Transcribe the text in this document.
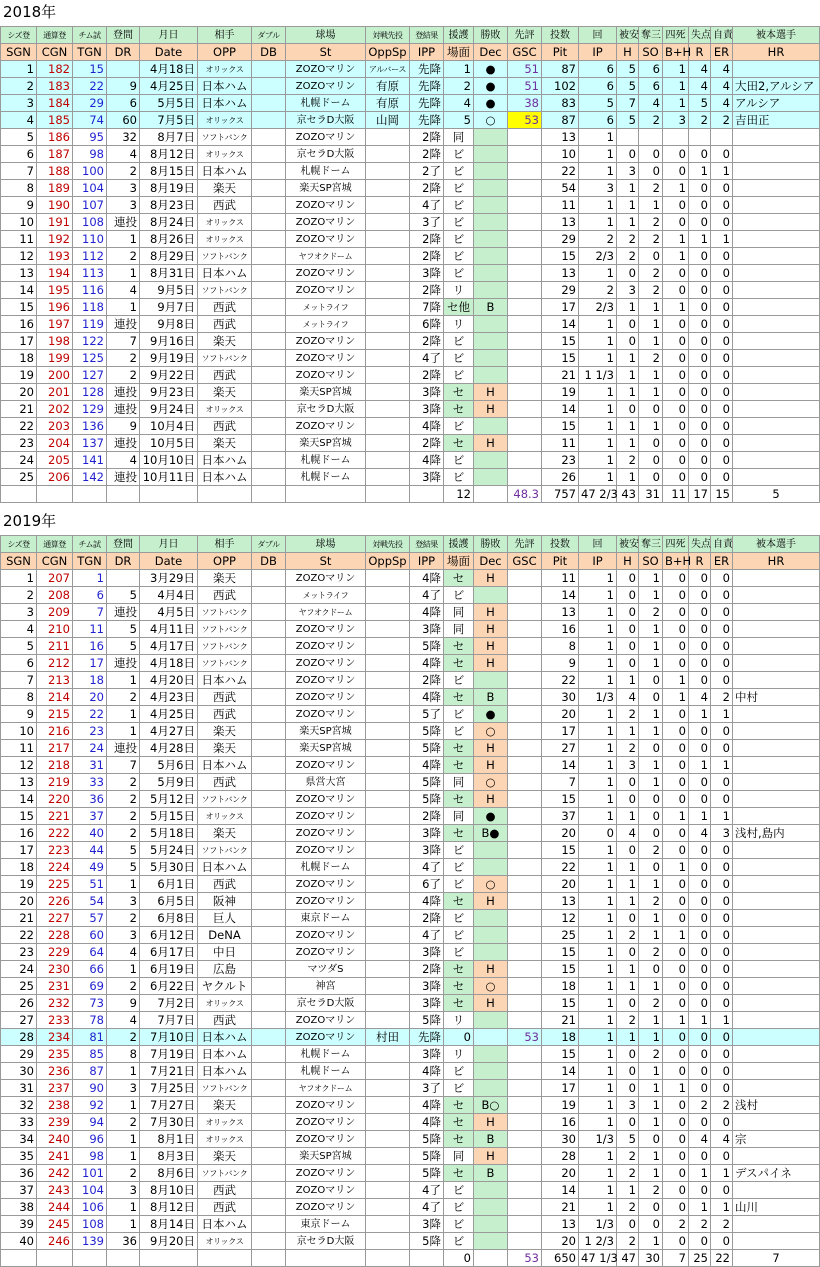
2018年
シズ登	通算登	チム試	登間	月日	相手	ダブル	球場	対戦先投	登結果	援護	勝敗	先評	投数	回	被安	奪三	四死	失点	自責	被本選手
SGN	CGN	TGN	DR	Date	OPP	DB	St	OppSp	IPP	場面	Dec	GSC	Pit	IP	H	SO	B+H	R	ER	HR
1	182	15		4月18日	オリックス		ZOZOマリン	アルバース	先降	1	●	51	87	6	5	6	1	4	4	
2	183	22	9	4月25日	日本ハム		ZOZOマリン	有原	先降	2	●	51	102	6	5	6	1	4	4	大田2,アルシア
3	184	29	6	5月5日	日本ハム		札幌ドーム	有原	先降	4	●	38	83	5	7	4	1	5	4	アルシア
4	185	74	60	7月5日	オリックス		京セラD大阪	山岡	先降	5	○	53	87	6	5	2	3	2	2	吉田正
5	186	95	32	8月7日	ソフトバンク		ZOZOマリン		2降	同			13	1						
6	187	98	4	8月12日	オリックス		京セラD大阪		2降	ビ			10	1	0	0	0	0	0	
7	188	100	2	8月15日	日本ハム		札幌ドーム		2了	ビ			22	1	3	0	0	1	1	
8	189	104	3	8月19日	楽天		楽天SP宮城		2降	ビ			54	3	1	2	1	0	0	
9	190	107	3	8月23日	西武		ZOZOマリン		4了	ビ			11	1	1	1	0	0	0	
10	191	108	連投	8月24日	オリックス		ZOZOマリン		3了	ビ			13	1	1	2	0	0	0	
11	192	110	1	8月26日	オリックス		ZOZOマリン		2降	ビ			29	2	2	2	1	1	1	
12	193	112	2	8月29日	ソフトバンク		ヤフオクドーム		2降	ビ			15	2/3	2	0	1	0	0	
13	194	113	1	8月31日	日本ハム		ZOZOマリン		3降	ビ			13	1	0	2	0	0	0	
14	195	116	4	9月5日	ソフトバンク		ZOZOマリン		2降	リ			29	2	3	2	0	0	0	
15	196	118	1	9月7日	西武		メットライフ		7降	セ他	B		17	2/3	1	1	1	0	0	
16	197	119	連投	9月8日	西武		メットライフ		6降	リ			14	1	0	1	0	0	0	
17	198	122	7	9月16日	楽天		ZOZOマリン		2降	ビ			15	1	0	1	0	0	0	
18	199	125	2	9月19日	ソフトバンク		ZOZOマリン		4了	ビ			15	1	1	2	0	0	0	
19	200	127	2	9月22日	西武		ZOZOマリン		2降	ビ			21	1 1/3	1	1	0	0	0	
20	201	128	連投	9月23日	楽天		楽天SP宮城		3降	セ	H		19	1	1	1	0	0	0	
21	202	129	連投	9月24日	オリックス		京セラD大阪		3降	セ	H		14	1	0	0	0	0	0	
22	203	136	9	10月4日	西武		ZOZOマリン		4降	ビ			15	1	1	1	0	0	0	
23	204	137	連投	10月5日	楽天		楽天SP宮城		2降	セ	H		11	1	1	0	0	0	0	
24	205	141	4	10月10日	日本ハム		札幌ドーム		4降	ビ			23	1	2	0	0	0	0	
25	206	142	連投	10月11日	日本ハム		札幌ドーム		3降	ビ			26	1	1	0	0	0	0	
										12		48.3	757	47 2/3	43	31	11	17	15	5
2019年
シズ登	通算登	チム試	登間	月日	相手	ダブル	球場	対戦先投	登結果	援護	勝敗	先評	投数	回	被安	奪三	四死	失点	自責	被本選手
SGN	CGN	TGN	DR	Date	OPP	DB	St	OppSp	IPP	場面	Dec	GSC	Pit	IP	H	SO	B+H	R	ER	HR
1	207	1		3月29日	楽天		ZOZOマリン		4降	セ	H		11	1	0	1	0	0	0	
2	208	6	5	4月4日	西武		メットライフ		4了	ビ			14	1	0	1	0	0	0	
3	209	7	連投	4月5日	ソフトバンク		ヤフオクドーム		4降	同	H		13	1	0	2	0	0	0	
4	210	11	5	4月11日	ソフトバンク		ZOZOマリン		3降	同	H		16	1	0	1	0	0	0	
5	211	16	5	4月17日	ソフトバンク		ZOZOマリン		5降	セ	H		8	1	0	1	0	0	0	
6	212	17	連投	4月18日	ソフトバンク		ZOZOマリン		4降	セ	H		9	1	0	1	0	0	0	
7	213	18	1	4月20日	日本ハム		ZOZOマリン		2降	ビ			22	1	1	0	1	0	0	
8	214	20	2	4月23日	西武		ZOZOマリン		4降	セ	B		30	1/3	4	0	1	4	2	中村
9	215	22	1	4月25日	西武		ZOZOマリン		5了	ビ	●		20	1	2	1	0	1	1	
10	216	23	1	4月27日	楽天		楽天SP宮城		5降	ビ	○		17	1	1	1	0	0	0	
11	217	24	連投	4月28日	楽天		楽天SP宮城		5降	セ	H		27	1	2	0	0	0	0	
12	218	31	7	5月6日	日本ハム		ZOZOマリン		4降	セ	H		14	1	3	1	0	1	1	
13	219	33	2	5月9日	西武		県営大宮		5降	同	○		7	1	0	1	0	0	0	
14	220	36	2	5月12日	ソフトバンク		ZOZOマリン		5降	セ	H		15	1	0	0	0	0	0	
15	221	37	2	5月15日	オリックス		ZOZOマリン		2降	同	●		37	1	1	0	1	1	1	
16	222	40	2	5月18日	楽天		ZOZOマリン		3降	セ	B●		20	0	4	0	0	4	3	浅村,島内
17	223	44	5	5月24日	ソフトバンク		ZOZOマリン		3降	ビ			15	1	0	2	0	0	0	
18	224	49	5	5月30日	日本ハム		札幌ドーム		4了	ビ			22	1	1	0	1	0	0	
19	225	51	1	6月1日	西武		ZOZOマリン		6了	ビ	○		20	1	1	1	0	0	0	
20	226	54	3	6月5日	阪神		ZOZOマリン		4降	セ	H		13	1	1	2	0	0	0	
21	227	57	2	6月8日	巨人		東京ドーム		2降	ビ			12	1	0	1	0	0	0	
22	228	60	3	6月12日	DeNA		ZOZOマリン		4了	ビ			25	1	2	1	1	0	0	
23	229	64	4	6月17日	中日		ZOZOマリン		3降	ビ			15	1	0	2	0	0	0	
24	230	66	1	6月19日	広島		マツダS		2降	セ	H		15	1	1	0	0	0	0	
25	231	69	2	6月22日	ヤクルト		神宮		3降	セ	○		18	1	1	1	0	0	0	
26	232	73	9	7月2日	オリックス		京セラD大阪		3降	セ	H		15	1	0	2	0	0	0	
27	233	78	4	7月7日	西武		ZOZOマリン		5降	リ			21	1	2	1	1	1	1	
28	234	81	2	7月10日	日本ハム		ZOZOマリン	村田	先降	0		53	18	1	1	1	0	0	0	
29	235	85	8	7月19日	日本ハム		札幌ドーム		3降	リ			15	1	0	2	0	0	0	
30	236	87	1	7月21日	日本ハム		札幌ドーム		4降	ビ			14	1	0	1	0	0	0	
31	237	90	3	7月25日	ソフトバンク		ヤフオクドーム		3了	ビ			17	1	0	1	1	0	0	
32	238	92	1	7月27日	楽天		ZOZOマリン		4降	セ	B○		19	1	3	1	0	2	2	浅村
33	239	94	2	7月30日	オリックス		ZOZOマリン		4降	セ	H		16	1	0	1	0	0	0	
34	240	96	1	8月1日	オリックス		ZOZOマリン		5降	セ	B		30	1/3	5	0	0	4	4	宗
35	241	98	1	8月3日	楽天		楽天SP宮城		5降	同	H		28	1	2	1	0	0	0	
36	242	101	2	8月6日	ソフトバンク		ZOZOマリン		5降	セ	B		20	1	2	1	0	1	1	デスパイネ
37	243	104	3	8月10日	西武		ZOZOマリン		4了	ビ			14	1	1	2	0	0	0	
38	244	106	1	8月12日	西武		ZOZOマリン		4了	ビ			21	1	2	0	0	1	1	山川
39	245	108	1	8月14日	日本ハム		東京ドーム		3降	ビ			13	1/3	0	0	2	2	2	
40	246	139	36	9月20日	オリックス		京セラD大阪		5降	ビ			20	1 2/3	2	1	0	0	0	
										0		53	650	47 1/3	47	30	7	25	22	7
